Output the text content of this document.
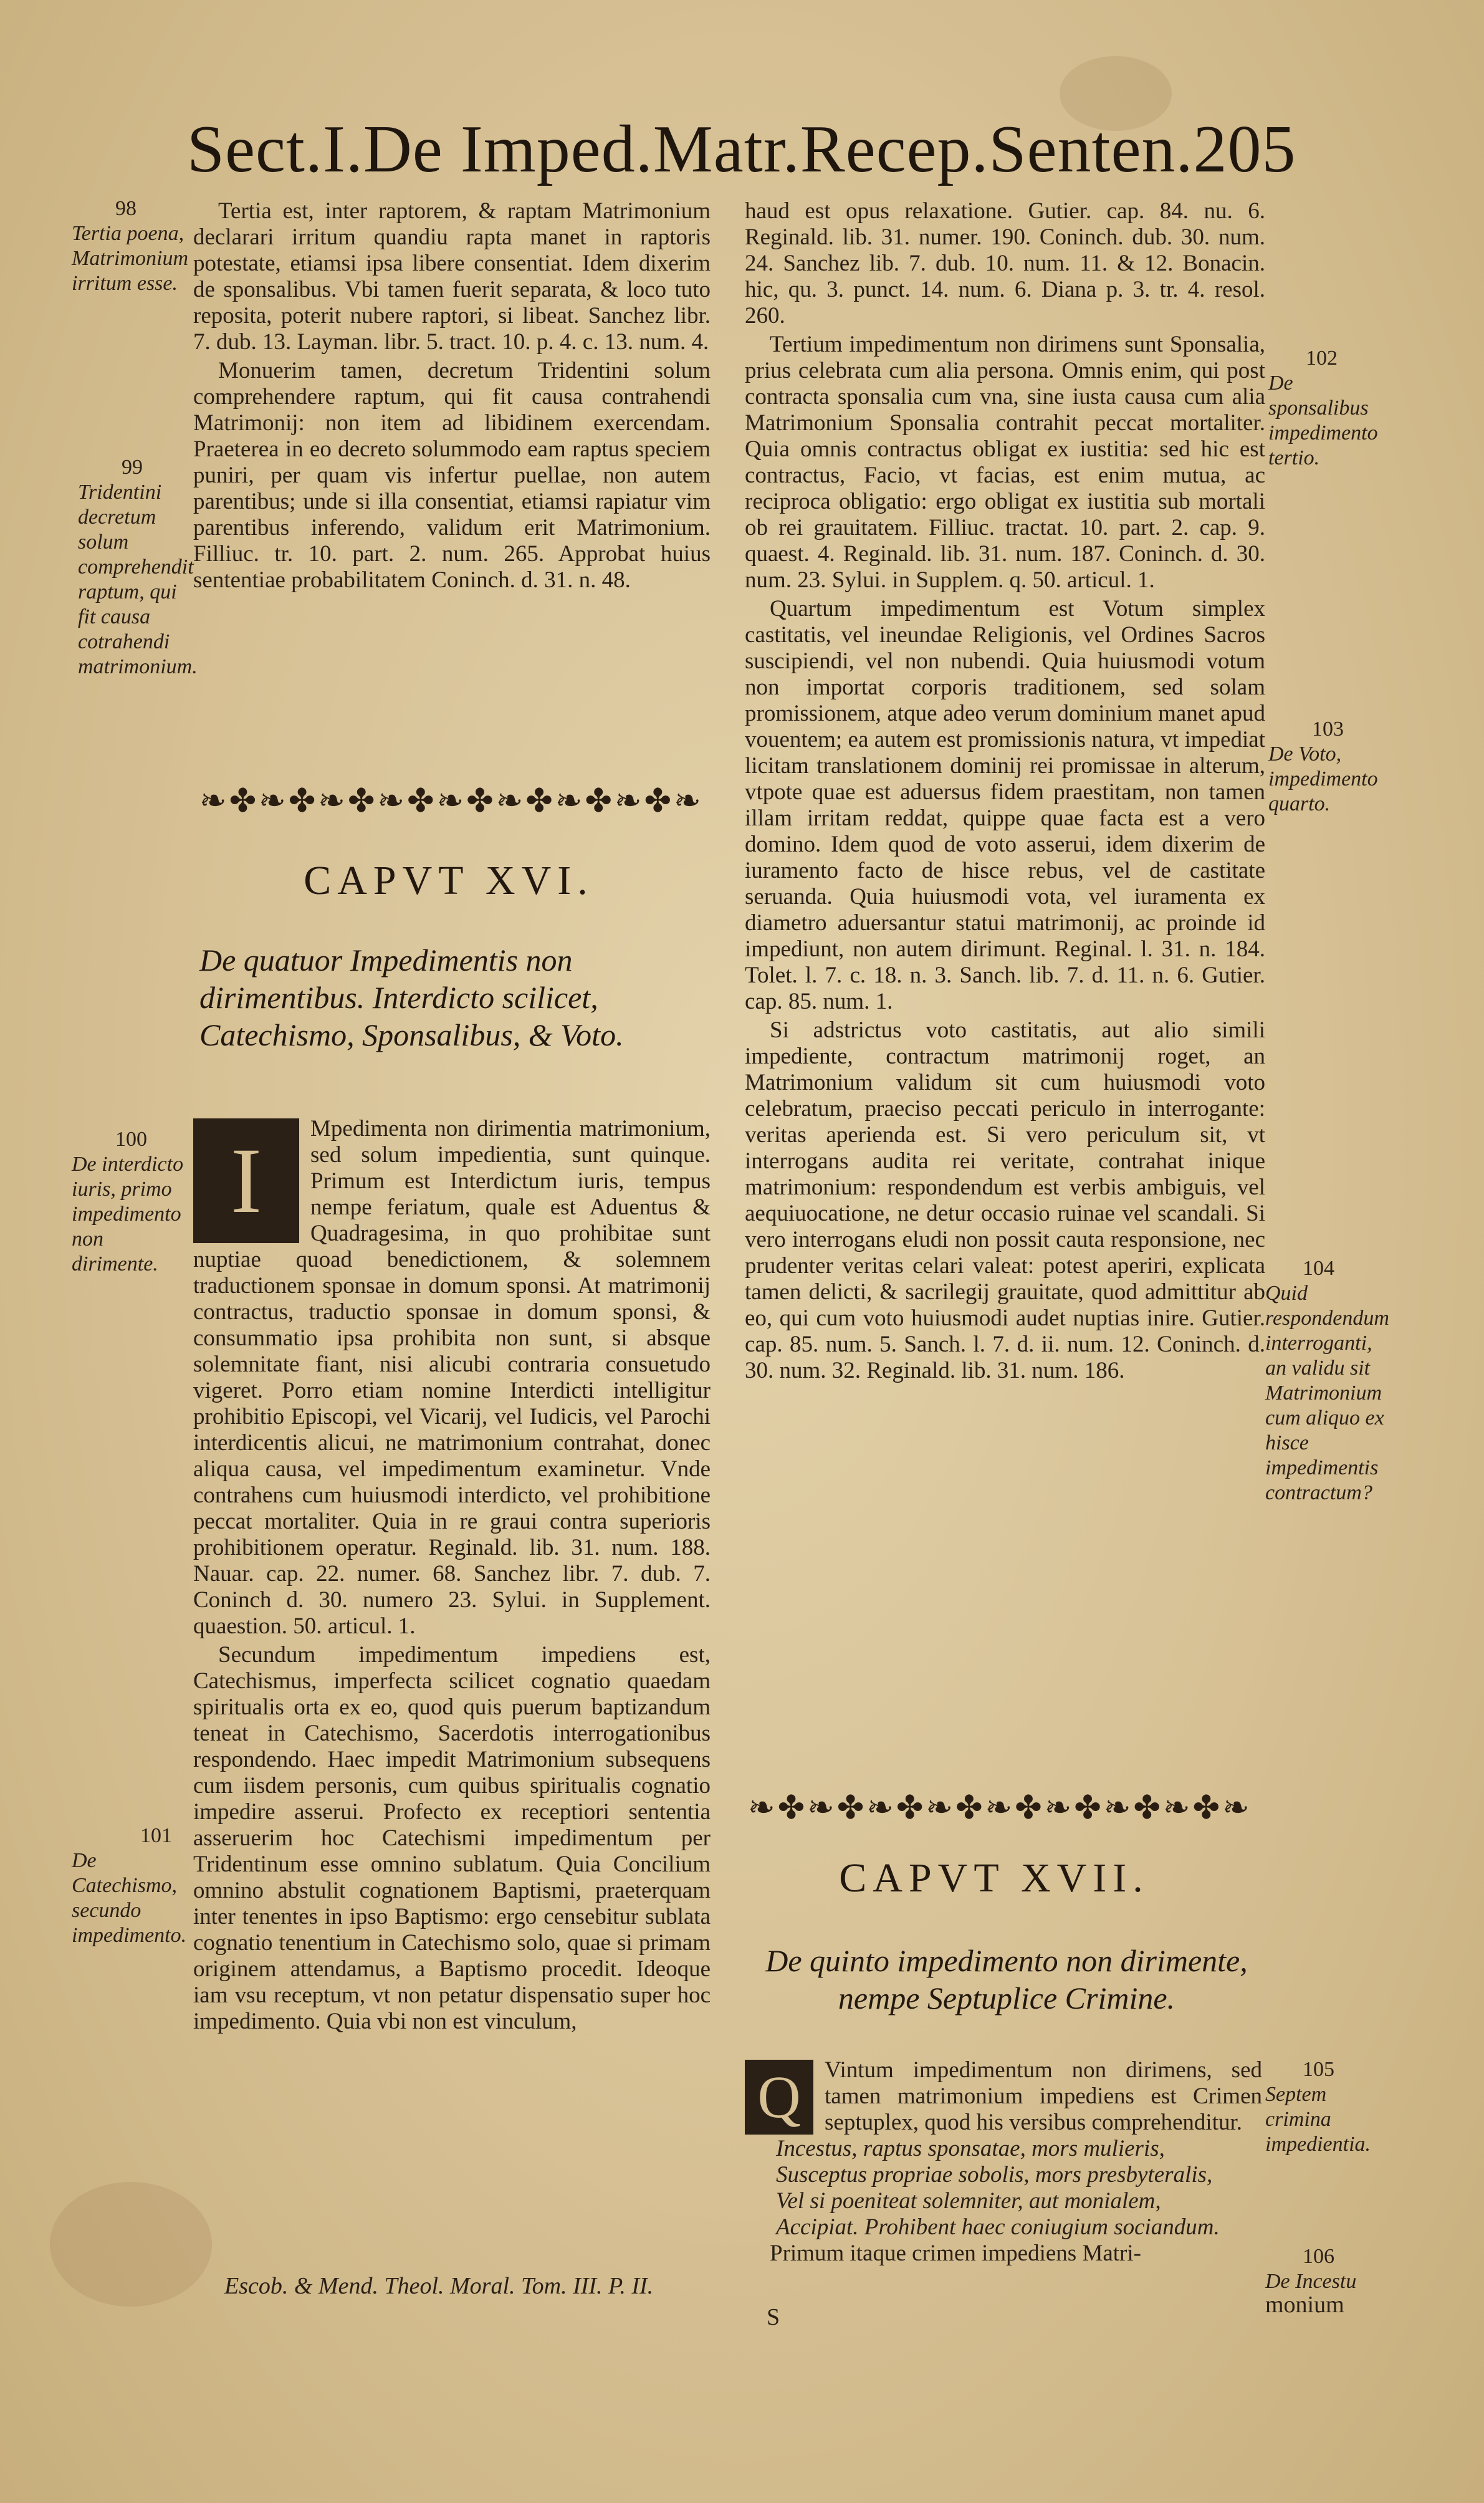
Sect.I.De Imped.Matr.Recep.Senten.205

Tertia est, inter raptorem, & raptam Matrimonium declarari irritum quandiu rapta manet in raptoris potestate, etiamsi ipsa libere consentiat. Idem dixerim de sponsalibus. Vbi tamen fuerit separata, & loco tuto reposita, poterit nubere raptori, si libeat. Sanchez libr. 7. dub. 13. Layman. libr. 5. tract. 10. p. 4. c. 13. num. 4.

Monuerim tamen, decretum Tridentini solum comprehendere raptum, qui fit causa contrahendi Matrimonij: non item ad libidinem exercendam. Praeterea in eo decreto solummodo eam raptus speciem puniri, per quam vis infertur puellae, non autem parentibus; unde si illa consentiat, etiamsi rapiatur vim parentibus inferendo, validum erit Matrimonium. Filliuc. tr. 10. part. 2. num. 265. Approbat huius sententiae probabilitatem Coninch. d. 31. n. 48.

98
Tertia poena, Matrimonium irritum esse.
99
Tridentini decretum solum comprehendit raptum, qui fit causa cotrahendi matrimonium.
❧✤❧✤❧✤❧✤❧✤❧✤❧✤❧✤❧
CAPVT XVI.
De quatuor Impedimentis non dirimentibus. Interdicto scilicet, Catechismo, Sponsalibus, & Voto.
I

Mpedimenta non dirimentia matrimonium, sed solum impedientia, sunt quinque. Primum est Interdictum iuris, tempus nempe feriatum, quale est Aduentus & Quadragesima, in quo prohibitae sunt nuptiae quoad benedictionem, & solemnem traductionem sponsae in domum sponsi. At matrimonij contractus, traductio sponsae in domum sponsi, & consummatio ipsa prohibita non sunt, si absque solemnitate fiant, nisi alicubi contraria consuetudo vigeret. Porro etiam nomine Interdicti intelligitur prohibitio Episcopi, vel Vicarij, vel Iudicis, vel Parochi interdicentis alicui, ne matrimonium contrahat, donec aliqua causa, vel impedimentum examinetur. Vnde contrahens cum huiusmodi interdicto, vel prohibitione peccat mortaliter. Quia in re graui contra superioris prohibitionem operatur. Reginald. lib. 31. num. 188. Nauar. cap. 22. numer. 68. Sanchez libr. 7. dub. 7. Coninch d. 30. numero 23. Sylui. in Supplement. quaestion. 50. articul. 1.

Secundum impedimentum impediens est, Catechismus, imperfecta scilicet cognatio quaedam spiritualis orta ex eo, quod quis puerum baptizandum teneat in Catechismo, Sacerdotis interrogationibus respondendo. Haec impedit Matrimonium subsequens cum iisdem personis, cum quibus spiritualis cognatio impedire asserui. Profecto ex receptiori sententia asseruerim hoc Catechismi impedimentum per Tridentinum esse omnino sublatum. Quia Concilium omnino abstulit cognationem Baptismi, praeterquam inter tenentes in ipso Baptismo: ergo censebitur sublata cognatio tenentium in Catechismo solo, quae si primam originem attendamus, a Baptismo procedit. Ideoque iam vsu receptum, vt non petatur dispensatio super hoc impedimento. Quia vbi non est vinculum,

100
De interdicto iuris, primo impedimento non dirimente.
101
De Catechismo, secundo impedimento.

haud est opus relaxatione. Gutier. cap. 84. nu. 6. Reginald. lib. 31. numer. 190. Coninch. dub. 30. num. 24. Sanchez lib. 7. dub. 10. num. 11. & 12. Bonacin. hic, qu. 3. punct. 14. num. 6. Diana p. 3. tr. 4. resol. 260.

Tertium impedimentum non dirimens sunt Sponsalia, prius celebrata cum alia persona. Omnis enim, qui post contracta sponsalia cum vna, sine iusta causa cum alia Matrimonium Sponsalia contrahit peccat mortaliter. Quia omnis contractus obligat ex iustitia: sed hic est contractus, Facio, vt facias, est enim mutua, ac reciproca obligatio: ergo obligat ex iustitia sub mortali ob rei grauitatem. Filliuc. tractat. 10. part. 2. cap. 9. quaest. 4. Reginald. lib. 31. num. 187. Coninch. d. 30. num. 23. Sylui. in Supplem. q. 50. articul. 1.

Quartum impedimentum est Votum simplex castitatis, vel ineundae Religionis, vel Ordines Sacros suscipiendi, vel non nubendi. Quia huiusmodi votum non importat corporis traditionem, sed solam promissionem, atque adeo verum dominium manet apud vouentem; ea autem est promissionis natura, vt impediat licitam translationem dominij rei promissae in alterum, vtpote quae est aduersus fidem praestitam, non tamen illam irritam reddat, quippe quae facta est a vero domino. Idem quod de voto asserui, idem dixerim de iuramento facto de hisce rebus, vel de castitate seruanda. Quia huiusmodi vota, vel iuramenta ex diametro aduersantur statui matrimonij, ac proinde id impediunt, non autem dirimunt. Reginal. l. 31. n. 184. Tolet. l. 7. c. 18. n. 3. Sanch. lib. 7. d. 11. n. 6. Gutier. cap. 85. num. 1.

Si adstrictus voto castitatis, aut alio simili impediente, contractum matrimonij roget, an Matrimonium validum sit cum huiusmodi voto celebratum, praeciso peccati periculo in interrogante: veritas aperienda est. Si vero periculum sit, vt interrogans audita rei veritate, contrahat inique matrimonium: respondendum est verbis ambiguis, vel aequiuocatione, ne detur occasio ruinae vel scandali. Si vero interrogans eludi non possit cauta responsione, nec prudenter veritas celari valeat: potest aperiri, explicata tamen delicti, & sacrilegij grauitate, quod admittitur ab eo, qui cum voto huiusmodi audet nuptias inire. Gutier. cap. 85. num. 5. Sanch. l. 7. d. ii. num. 12. Coninch. d. 30. num. 32. Reginald. lib. 31. num. 186.

102
De sponsalibus impedimento tertio.
103
De Voto, impedimento quarto.
104
Quid respondendum interroganti, an validu sit Matrimonium cum aliquo ex hisce impedimentis contractum?
❧✤❧✤❧✤❧✤❧✤❧✤❧✤❧✤❧
CAPVT XVII.
De quinto impedimento non dirimente, nempe Septuplice Crimine.
Q	Vintum impedimentum non dirimens, sed tamen matrimonium impediens est Crimen septuplex, quod his versibus comprehenditur.

Incestus, raptus sponsatae, mors mulieris,

Susceptus propriae sobolis, mors presbyteralis,

Vel si poeniteat solemniter, aut monialem,

Accipiat. Prohibent haec coniugium sociandum.

Primum itaque crimen impediens Matri-

105
Septem crimina impedientia.
106
De Incestu
Escob. & Mend. Theol. Moral. Tom. III. P. II.
S	monium
